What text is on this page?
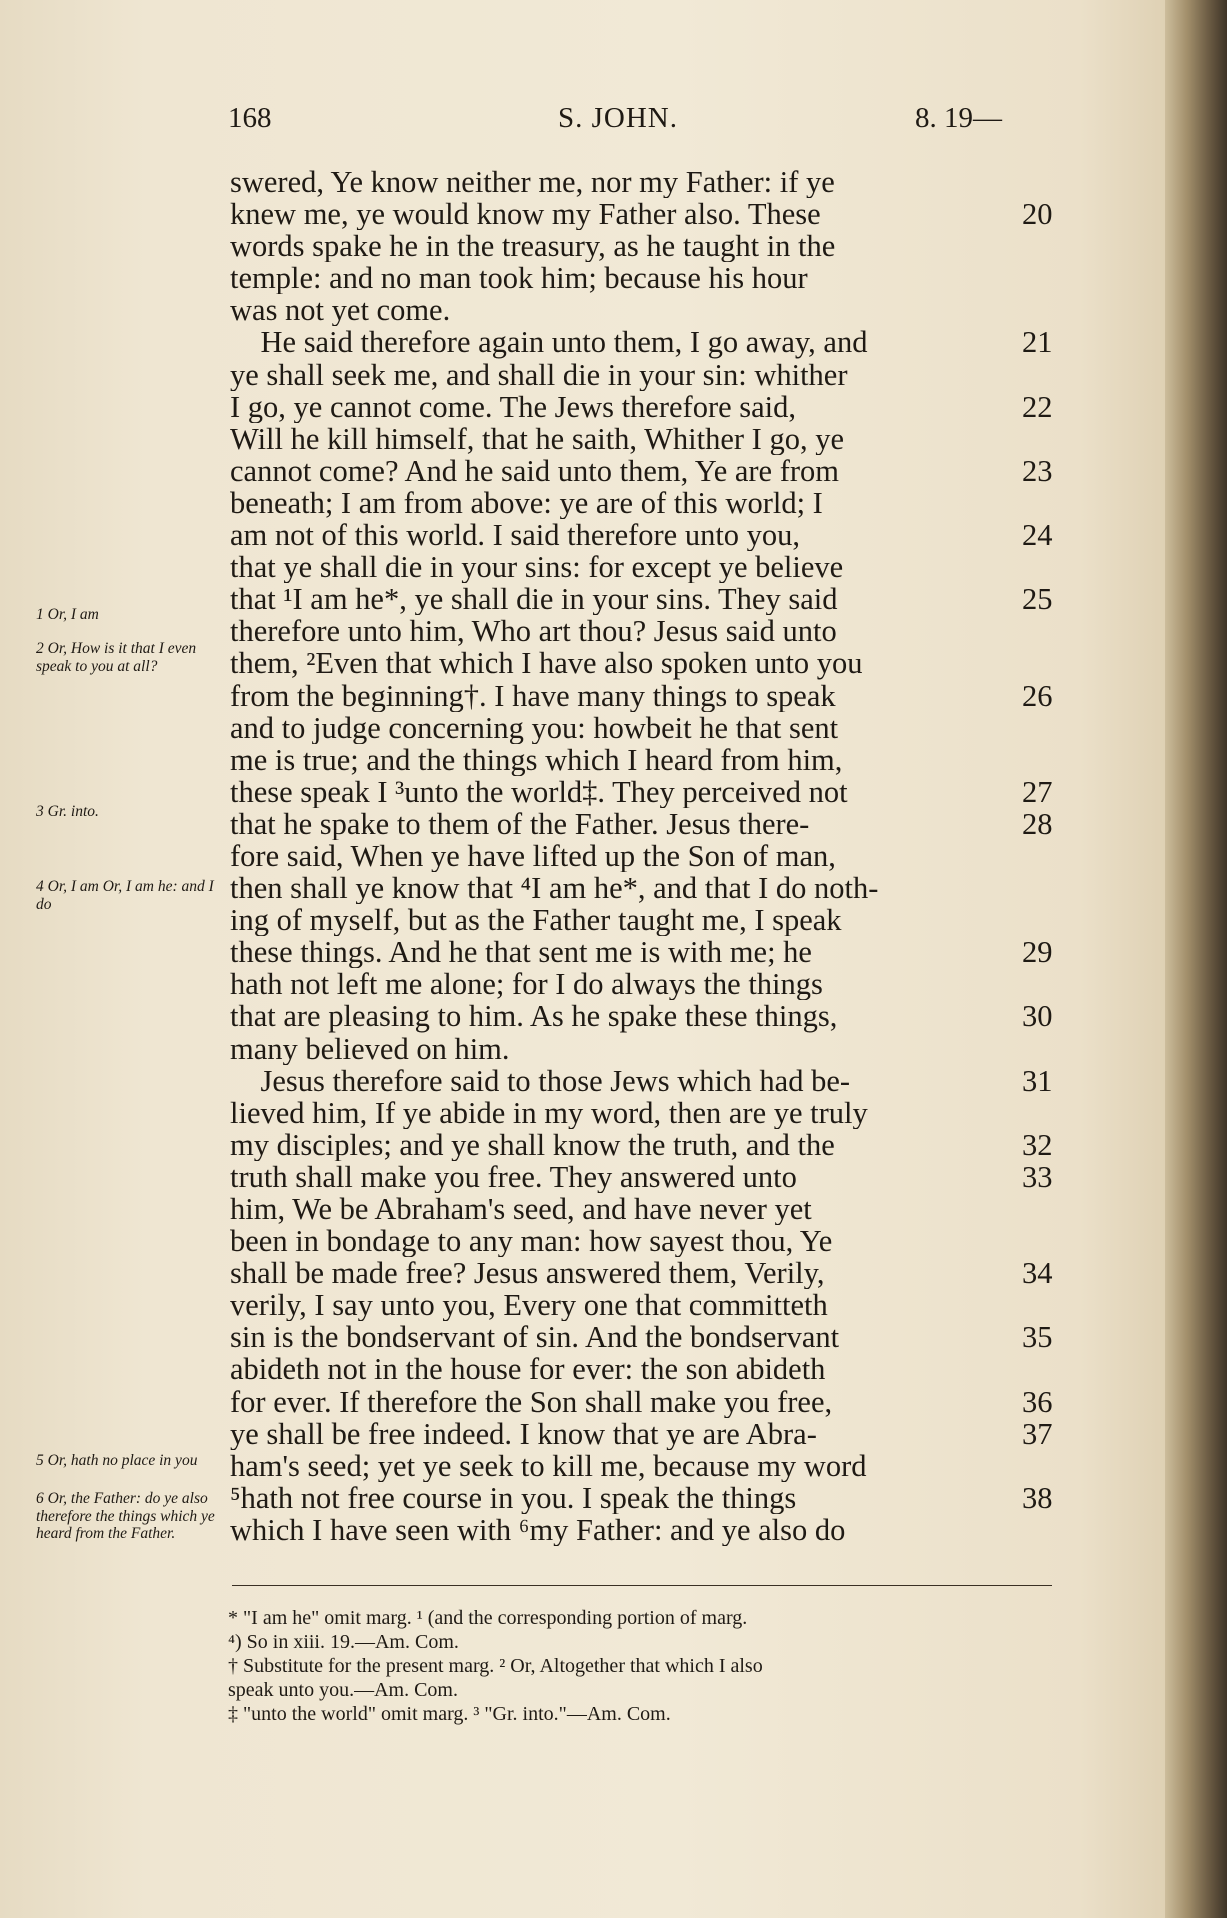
168	S. JOHN.	8. 19—
1 Or, I am
2 Or, How is it that I even speak to you at all?
3 Gr. into.
4 Or, I am Or, I am he: and I do
5 Or, hath no place in you
6 Or, the Father: do ye also therefore the things which ye heard from the Father.
swered, Ye know neither me, nor my Father: if ye
knew me, ye would know my Father also. These	20
words spake he in the treasury, as he taught in the
temple: and no man took him; because his hour
was not yet come.
 He said therefore again unto them, I go away, and	21
ye shall seek me, and shall die in your sin: whither
I go, ye cannot come. The Jews therefore said,	22
Will he kill himself, that he saith, Whither I go, ye
cannot come? And he said unto them, Ye are from	23
beneath; I am from above: ye are of this world; I
am not of this world. I said therefore unto you,	24
that ye shall die in your sins: for except ye believe
that ¹I am he*, ye shall die in your sins. They said	25
therefore unto him, Who art thou? Jesus said unto
them, ²Even that which I have also spoken unto you
from the beginning†. I have many things to speak	26
and to judge concerning you: howbeit he that sent
me is true; and the things which I heard from him,
these speak I ³unto the world‡. They perceived not	27
that he spake to them of the Father. Jesus there-	28
fore said, When ye have lifted up the Son of man,
then shall ye know that ⁴I am he*, and that I do noth-
ing of myself, but as the Father taught me, I speak
these things. And he that sent me is with me; he	29
hath not left me alone; for I do always the things
that are pleasing to him. As he spake these things,	30
many believed on him.
 Jesus therefore said to those Jews which had be-	31
lieved him, If ye abide in my word, then are ye truly
my disciples; and ye shall know the truth, and the	32
truth shall make you free. They answered unto	33
him, We be Abraham's seed, and have never yet
been in bondage to any man: how sayest thou, Ye
shall be made free? Jesus answered them, Verily,	34
verily, I say unto you, Every one that committeth
sin is the bondservant of sin. And the bondservant	35
abideth not in the house for ever: the son abideth
for ever. If therefore the Son shall make you free,	36
ye shall be free indeed. I know that ye are Abra-	37
ham's seed; yet ye seek to kill me, because my word
⁵hath not free course in you. I speak the things	38
which I have seen with ⁶my Father: and ye also do
* "I am he" omit marg. ¹ (and the corresponding portion of marg.
⁴) So in xiii. 19.—Am. Com.
† Substitute for the present marg. ² Or, Altogether that which I also
speak unto you.—Am. Com.
‡ "unto the world" omit marg. ³ "Gr. into."—Am. Com.
